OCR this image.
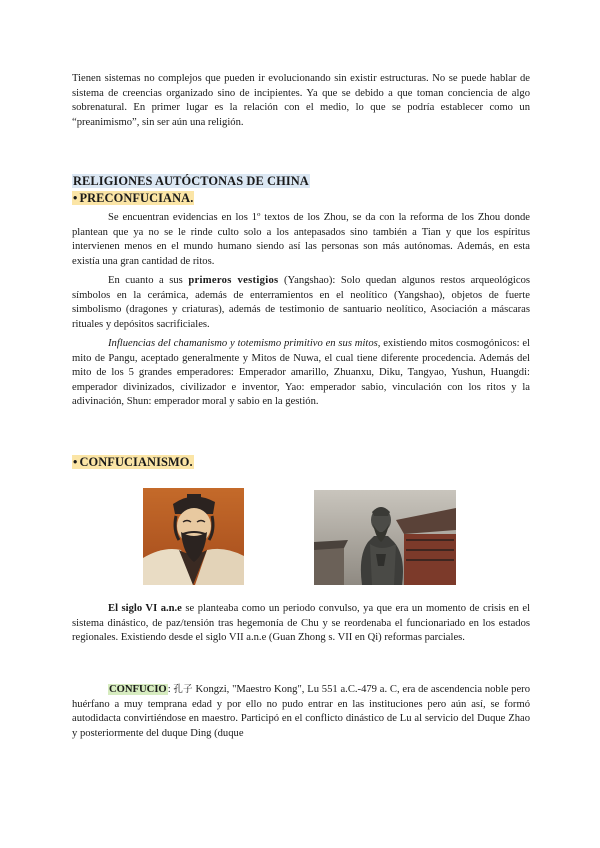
Tienen sistemas no complejos que pueden ir evolucionando sin existir estructuras. No se puede hablar de sistema de creencias organizado sino de incipientes. Ya que se debido a que toman conciencia de algo sobrenatural. En primer lugar es la relación con el medio, lo que se podría establecer como un “preanimismo”, sin ser aún una religión.

RELIGIONES AUTÓCTONAS DE CHINA
• PRECONFUCIANA.

Se encuentran evidencias en los 1º textos de los Zhou, se da con la reforma de los Zhou donde plantean que ya no se le rinde culto solo a los antepasados sino también a Tian y que los espíritus intervienen menos en el mundo humano siendo así las personas son más autónomas. Además, en esta existía una gran cantidad de ritos.

En cuanto a sus primeros vestigios (Yangshao): Solo quedan algunos restos arqueológicos símbolos en la cerámica, además de enterramientos en el neolítico (Yangshao), objetos de fuerte simbolismo (dragones y criaturas), además de testimonio de santuario neolítico, Asociación a máscaras rituales y depósitos sacrificiales.

Influencias del chamanismo y totemismo primitivo en sus mitos, existiendo mitos cosmogónicos: el mito de Pangu, aceptado generalmente y Mitos de Nuwa, el cual tiene diferente procedencia. Además del mito de los 5 grandes emperadores: Emperador amarillo, Zhuanxu, Diku, Tangyao, Yushun, Huangdi: emperador divinizados, civilizador e inventor, Yao: emperador sabio, vinculación con los ritos y la adivinación, Shun: emperador moral y sabio en la gestión.

• CONFUCIANISMO.

El siglo VI a.n.e se planteaba como un periodo convulso, ya que era un momento de crisis en el sistema dinástico, de paz/tensión tras hegemonía de Chu y se reordenaba el funcionariado en los estados regionales. Existiendo desde el siglo VII a.n.e (Guan Zhong s. VII en Qi) reformas parciales.

CONFUCIO: 孔子 Kongzi, "Maestro Kong", Lu 551 a.C.-479 a. C, era de ascendencia noble pero huérfano a muy temprana edad y por ello no pudo entrar en las instituciones pero aún así, se formó autodidacta convirtiéndose en maestro. Participó en el conflicto dinástico de Lu al servicio del Duque Zhao y posteriormente del duque Ding (duque
